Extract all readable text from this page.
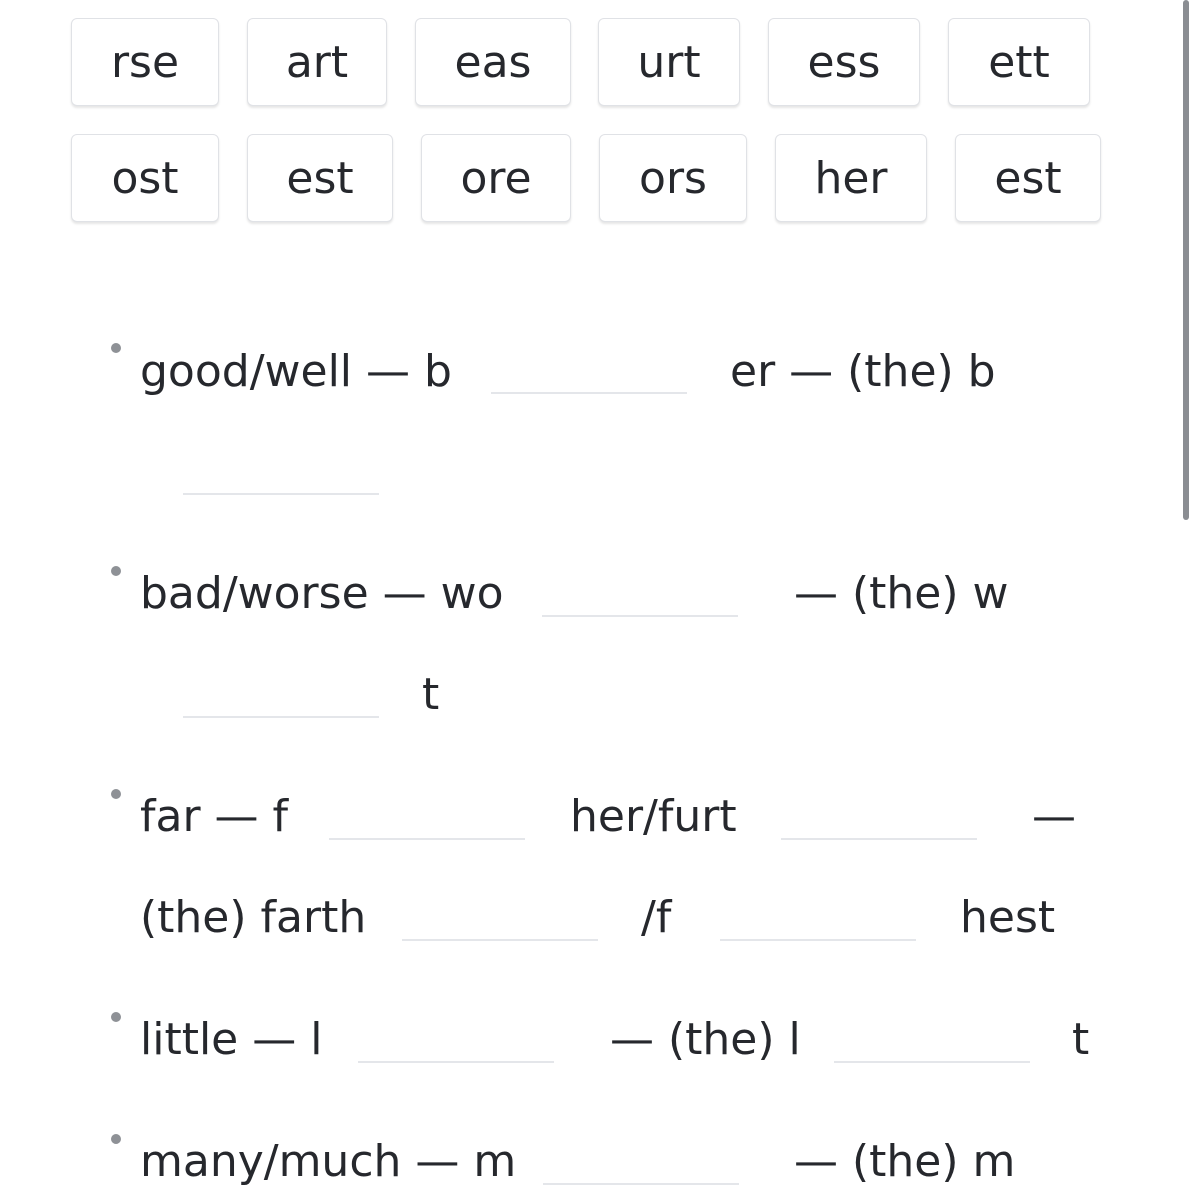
rse	art	eas	urt	ess	ett
ost	est	ore	ors	her	est
good/well — b	er — (the) b
bad/worse — wo	— (the) w
t
far — f	her/furt	—
(the) farth	/f	hest
little — l	— (the) l	t
many/much — m	— (the) m
